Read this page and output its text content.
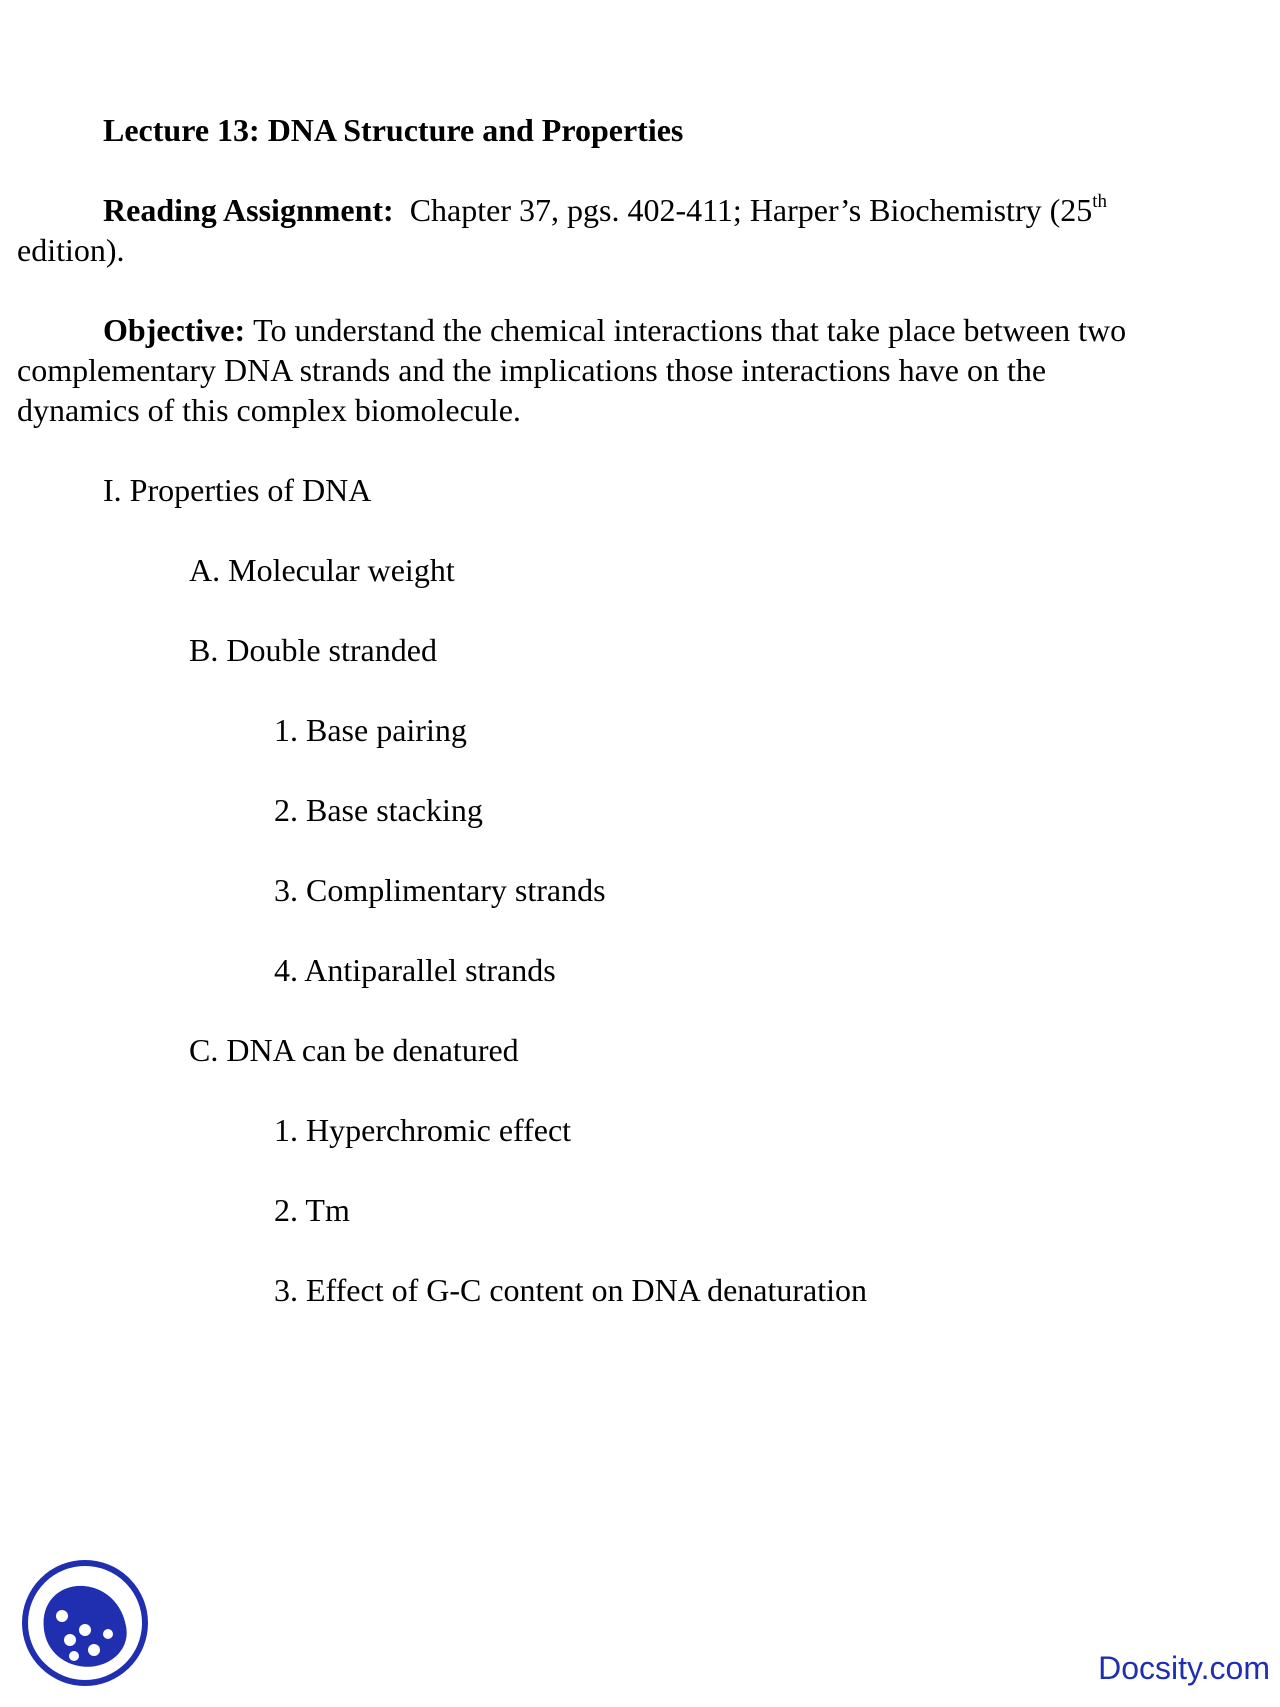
Lecture 13: DNA Structure and Properties
Reading Assignment: Chapter 37, pgs. 402-411; Harper’s Biochemistry (25th
edition).
Objective: To understand the chemical interactions that take place between two
complementary DNA strands and the implications those interactions have on the
dynamics of this complex biomolecule.
I. Properties of DNA
A. Molecular weight
B. Double stranded
1. Base pairing
2. Base stacking
3. Complimentary strands
4. Antiparallel strands
C. DNA can be denatured
1. Hyperchromic effect
2. Tm
3. Effect of G-C content on DNA denaturation
Docsity.com
